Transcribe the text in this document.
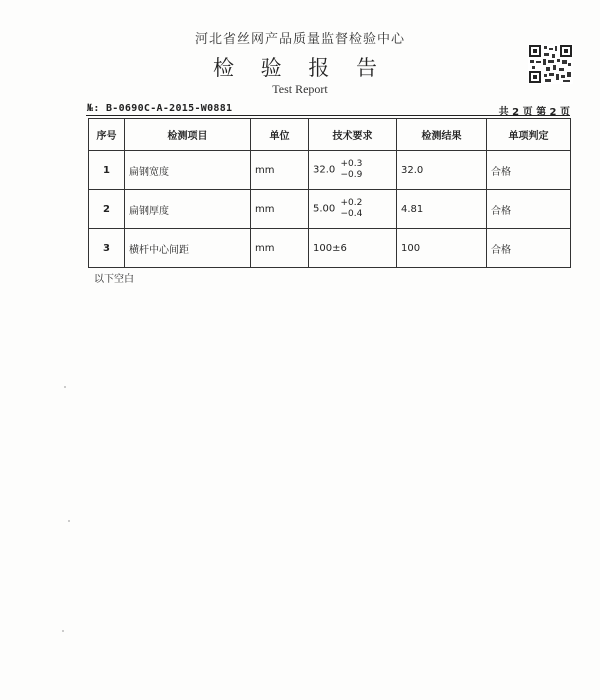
河北省丝网产品质量监督检验中心
检 验 报 告
Test Report
№: B-0690C-A-2015-W0881	共 2 页 第 2 页
序号	检测项目	单位	技术要求	检测结果	单项判定
1	扁钢宽度	mm	32.0
+0.3
−0.9	32.0	合格
2	扁钢厚度	mm	5.00
+0.2
−0.4	4.81	合格
3	横杆中心间距	mm	100±6	100	合格
以下空白
